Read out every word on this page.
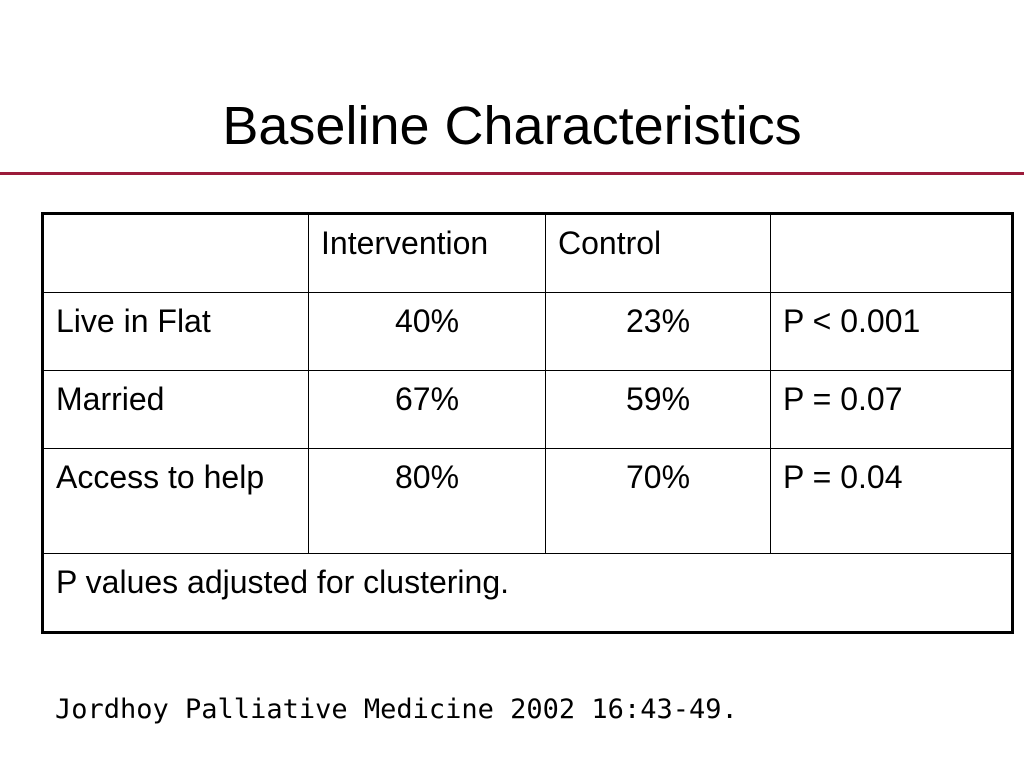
Baseline Characteristics
	Intervention	Control	
Live in Flat	40%	23%	P < 0.001
Married	67%	59%	P = 0.07
Access to help	80%	70%	P = 0.04
P values adjusted for clustering.			
Jordhoy Palliative Medicine 2002 16:43-49.
